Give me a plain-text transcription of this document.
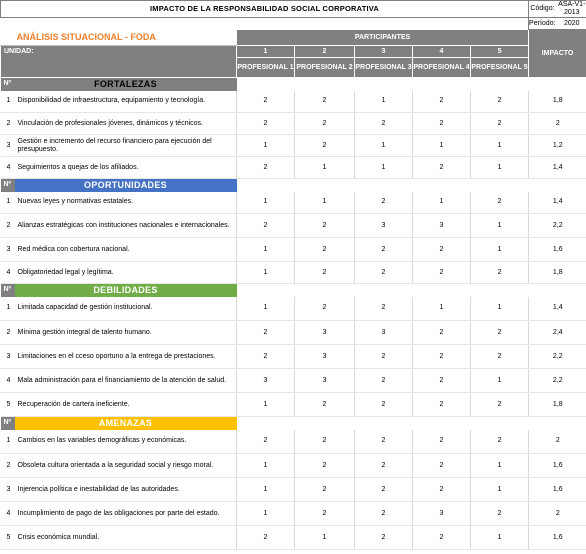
IMPACTO DE LA RESPONSABILIDAD SOCIAL CORPORATIVA		Código:	ASA-V1-2013

Período:	2020

ANÁLISIS SITUACIONAL - FODA	PARTICIPANTES	IMPACTO
UNIDAD:	1	2	3	4	5
PROFESIONAL 1	PROFESIONAL 2	PROFESIONAL 3	PROFESIONAL 4	PROFESIONAL 5
Nº	FORTALEZAS	
1	Disponibilidad de infraestructura, equipamiento y tecnología.	2	2	1	2	2	1,8
2	Vinculación de profesionales jóvenes, dinámicos y técnicos.	2	2	2	2	2	2
3	Gestión e incremento del recurso financiero para ejecución del presupuesto.	1	2	1	1	1	1,2
4	Seguimientos a quejas de los afiliados.	2	1	1	2	1	1,4
Nº	OPORTUNIDADES	
1	Nuevas leyes y normativas estatales.	1	1	2	1	2	1,4
2	Alianzas estratégicas con instituciones nacionales e internacionales.	2	2	3	3	1	2,2
3	Red médica con cobertura nacional.	1	2	2	2	1	1,6
4	Obligatoriedad legal y legítima.	1	2	2	2	2	1,8
Nº	DEBILIDADES	
1	Limitada capacidad de gestión institucional.	1	2	2	1	1	1,4
2	Mínima gestión integral de talento humano.	2	3	3	2	2	2,4
3	Limitaciones en el cceso oportuno a la entrega de prestaciones.	2	3	2	2	2	2,2
4	Mala administración para el financiamiento de la atención de salud.	3	3	2	2	1	2,2
5	Recuperación de cartera ineficiente.	1	2	2	2	2	1,8
Nº	AMENAZAS	
1	Cambios en las variables demográficas y económicas.	2	2	2	2	2	2
2	Obsoleta cultura orientada a la seguridad social y riesgo moral.	1	2	2	2	1	1,6
3	Injerencia política e inestabilidad de las autoridades.	1	2	2	2	1	1,6
4	Incumplimiento de pago de las obligaciones por parte del estado.	1	2	2	3	2	2
5	Crisis económica mundial.	2	1	2	2	1	1,6
